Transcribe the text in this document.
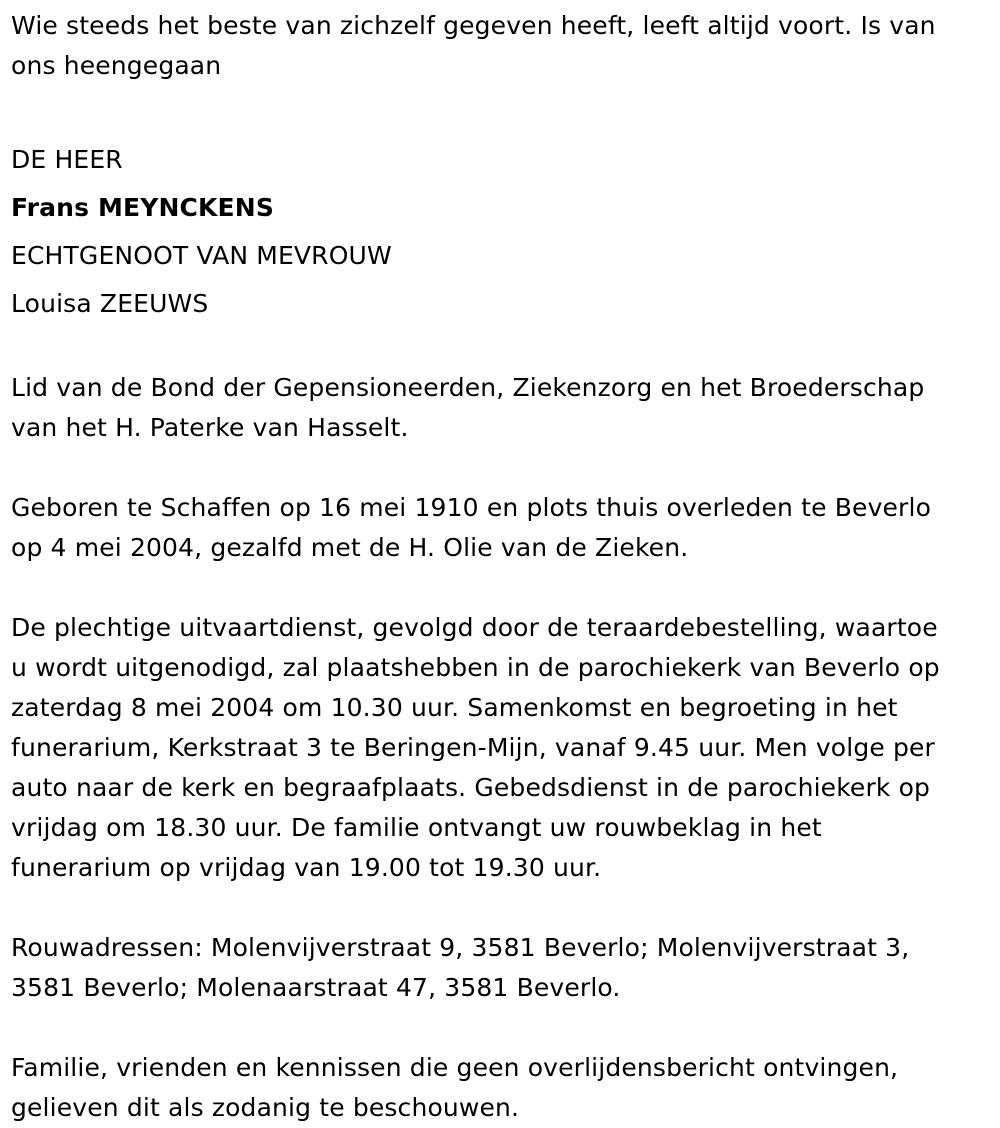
Wie steeds het beste van zichzelf gegeven heeft, leeft altijd voort. Is van
ons heengegaan

DE HEER

Frans MEYNCKENS

ECHTGENOOT VAN MEVROUW

Louisa ZEEUWS

Lid van de Bond der Gepensioneerden, Ziekenzorg en het Broederschap
van het H. Paterke van Hasselt.

Geboren te Schaffen op 16 mei 1910 en plots thuis overleden te Beverlo
op 4 mei 2004, gezalfd met de H. Olie van de Zieken.

De plechtige uitvaartdienst, gevolgd door de teraardebestelling, waartoe
u wordt uitgenodigd, zal plaatshebben in de parochiekerk van Beverlo op
zaterdag 8 mei 2004 om 10.30 uur. Samenkomst en begroeting in het
funerarium, Kerkstraat 3 te Beringen-Mijn, vanaf 9.45 uur. Men volge per
auto naar de kerk en begraafplaats. Gebedsdienst in de parochiekerk op
vrijdag om 18.30 uur. De familie ontvangt uw rouwbeklag in het
funerarium op vrijdag van 19.00 tot 19.30 uur.

Rouwadressen: Molenvijverstraat 9, 3581 Beverlo; Molenvijverstraat 3,
3581 Beverlo; Molenaarstraat 47, 3581 Beverlo.

Familie, vrienden en kennissen die geen overlijdensbericht ontvingen,
gelieven dit als zodanig te beschouwen.
